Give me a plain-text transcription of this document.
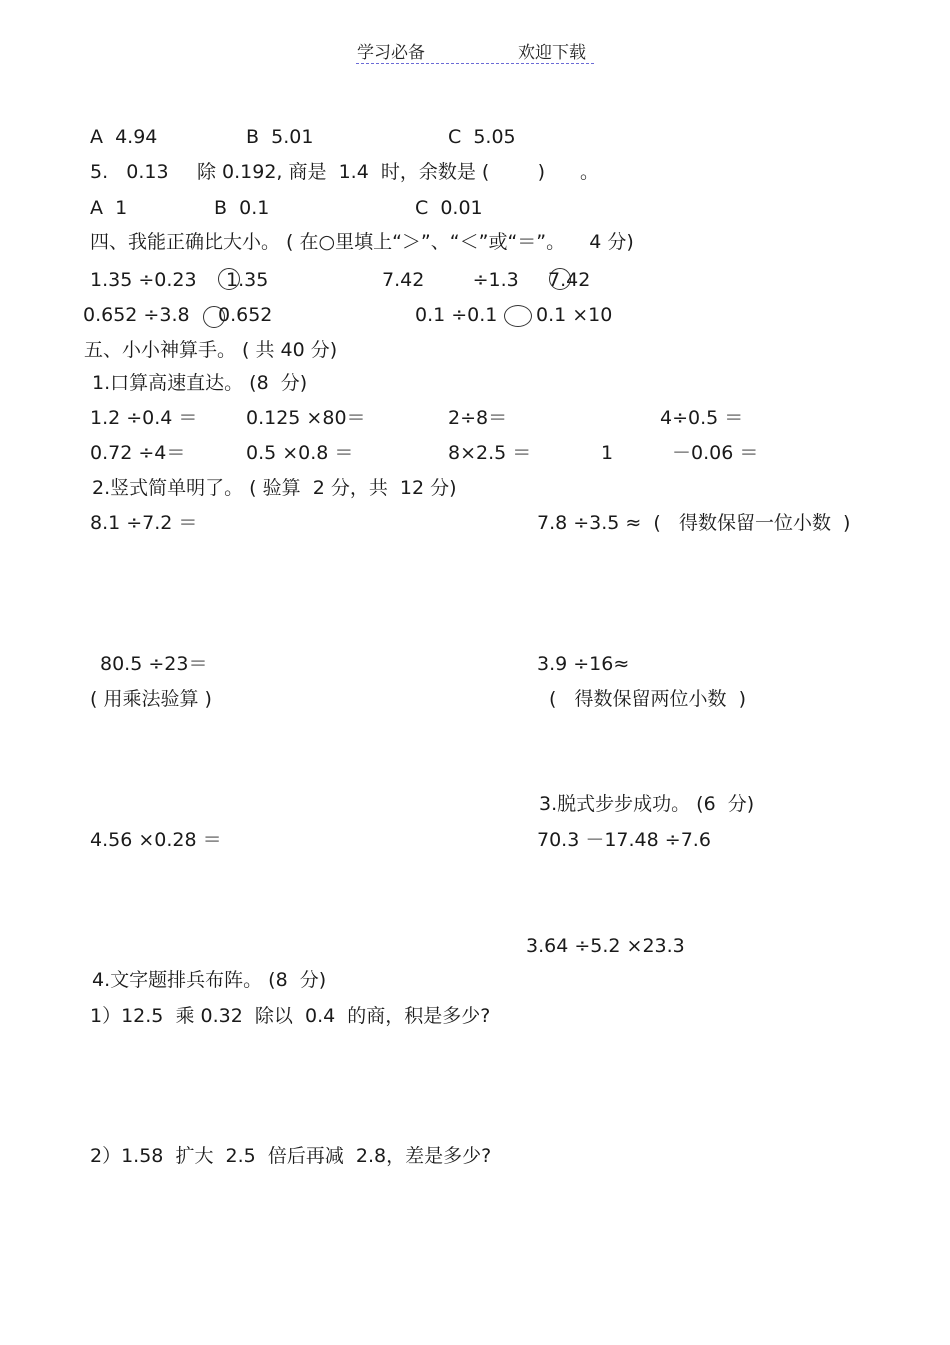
学习必备	欢迎下载
A  4.94	B  5.01	C  5.05
5.   0.13 除 0.192, 商是  1.4  时，余数是 (        ) 。
A  1	B  0.1	C  0.01
四、我能正确比大小。 ( 在○里填上“＞”、“＜”或“＝”。    4 分)
1.35 ÷0.23 1.35	7.42        ÷1.3 7.42
0.652 ÷3.8 0.652	0.1 ÷0.1 0.1 ×10
五、小小神算手。 ( 共 40 分)
1.口算高速直达。 (8  分)
1.2 ÷0.4 ＝	0.125 ×80＝	2÷8＝	4÷0.5 ＝
0.72 ÷4＝	0.5 ×0.8 ＝	8×2.5 ＝	1	－0.06 ＝
2.竖式简单明了。 ( 验算  2 分，共  12 分)
8.1 ÷7.2 ＝	7.8 ÷3.5 ≈  (   得数保留一位小数  )
80.5 ÷23＝
( 用乘法验算 )
3.9 ÷16≈
(   得数保留两位小数  )
3.脱式步步成功。 (6  分)
4.56 ×0.28 ＝	70.3 －17.48 ÷7.6
3.64 ÷5.2 ×23.3
4.文字题排兵布阵。 (8  分)
1）12.5  乘 0.32  除以  0.4  的商，积是多少?
2）1.58  扩大  2.5  倍后再减  2.8，差是多少?
